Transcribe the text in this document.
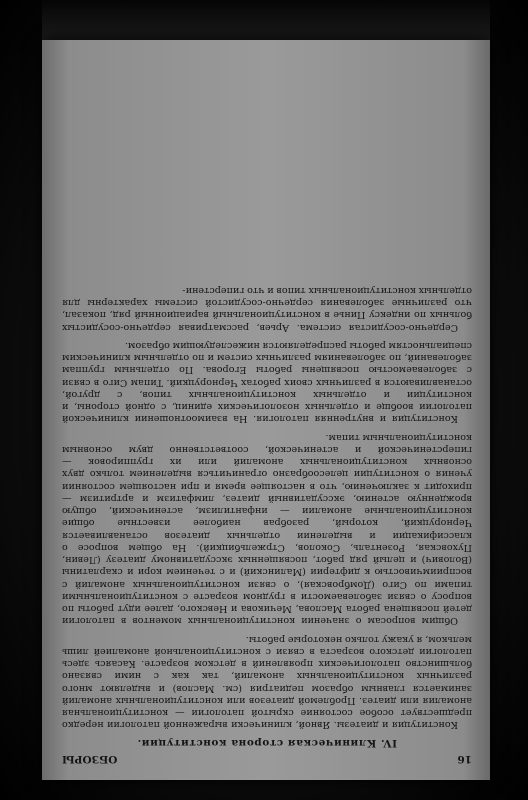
16
ОБЗОРЫ
IV. Клиническая сторона конституции.

Конституция и диатезы. Явной, клинически выраженной патологии нередко предшествует особое состояние скрытой патологии — конституциональная аномалия или диатез. Проблемой диатезов или конституциональных аномалий занимается главным образом педиатрия (см. Маслов) и выделяют много различных конституциональных аномалий, так как с ними связано большинство патологических проявлений в детском возрасте. Касаясь здесь патологии детского возраста в связи с конституциональной аномалией лишь мельком, я укажу только некоторые работы.

Общим вопросам о значении конституциональных моментов в патологии детей посвящена работа Маслова, Мечикова и Невского, далее идут работы по вопросу о связи заболеваемости в грудном возрасте с конституциональными типами по Сиго (Домбровская), о связи конституциональных аномалий с восприимчивостью к дифтерии (Малинский) и с течением кори и скарлатины (Волович) и целый ряд работ, посвященных экссудативному диатезу (Левин, Пуховская, Розенталь, Соколов, Стржельбицкий). На общем вопросе о классификации и выделении отдельных диатезов останавливается Черноруцкий, который, разобрав наиболее известные общие конституциональные аномалии — инфантилизм, астенический, общую врожденную астению, экссудативный диатез, лимфатизм и артритизм — приходит к заключению, что в настоящее время и при настоящем состоянии учения о конституции целесообразно ограничиться выделением только двух основных конституциональных аномалий или их группировок — гиперстенической и астенической, соответственно двум основным конституциональным типам.

Конституция и внутренняя патология. На взаимоотношении клинической патологии вообще и отдельных нозологических единиц, с одной стороны, и конституции и отдельных конституциональных типов, с другой, останавливаются в различных своих работах Черноруцкий. Типам Сиго в связи с заболеваемостью посвящены работы Егорова. По отдельным группам заболеваний, по заболеваниям различных систем и по отдельным клиническим специальностям работы распределяются нижеследующим образом.

Сердечно-сосудистая система. Арьев, рассматривая сердечно-сосудистых больных по индексу Пинье в конституциональный вариационный ряд, показал, что различные заболевания сердечно-сосудистой системы характерны для отдельных конституциональных типов и что гиперстени-
